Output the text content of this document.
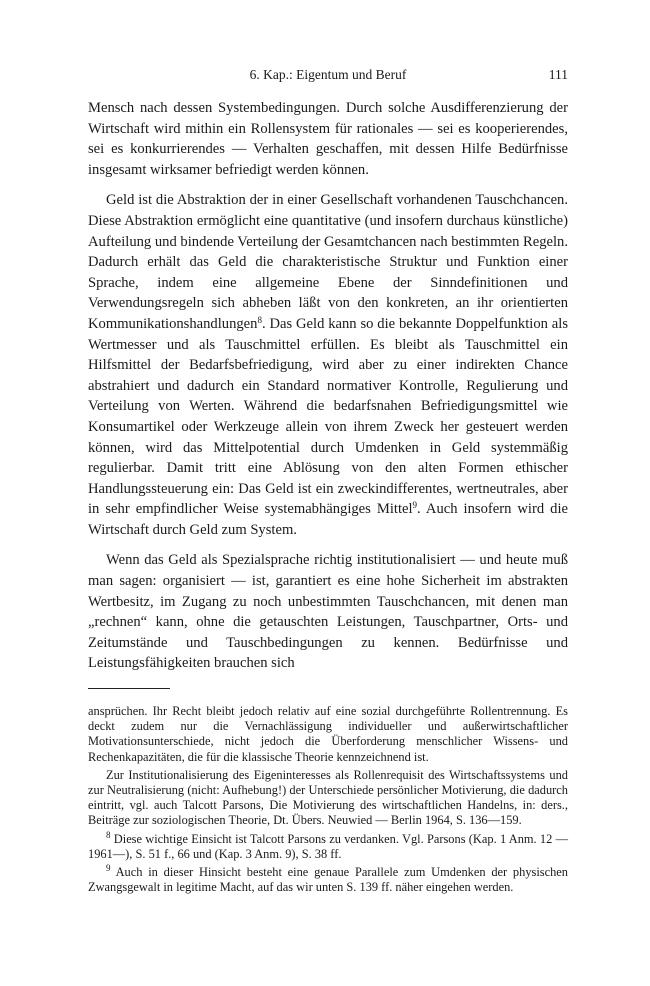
6. Kap.: Eigentum und Beruf	111

Mensch nach dessen Systembedingungen. Durch solche Ausdifferenzierung der Wirtschaft wird mithin ein Rollensystem für rationales — sei es kooperierendes, sei es konkurrierendes — Verhalten geschaffen, mit dessen Hilfe Bedürfnisse insgesamt wirksamer befriedigt werden können.

Geld ist die Abstraktion der in einer Gesellschaft vorhandenen Tauschchancen. Diese Abstraktion ermöglicht eine quantitative (und insofern durchaus künstliche) Aufteilung und bindende Verteilung der Gesamtchancen nach bestimmten Regeln. Dadurch erhält das Geld die charakteristische Struktur und Funktion einer Sprache, indem eine allgemeine Ebene der Sinndefinitionen und Verwendungsregeln sich abheben läßt von den konkreten, an ihr orientierten Kommunikationshandlungen$^8$. Das Geld kann so die bekannte Doppelfunktion als Wertmesser und als Tauschmittel erfüllen. Es bleibt als Tauschmittel ein Hilfsmittel der Bedarfsbefriedigung, wird aber zu einer indirekten Chance abstrahiert und dadurch ein Standard normativer Kontrolle, Regulierung und Verteilung von Werten. Während die bedarfsnahen Befriedigungsmittel wie Konsumartikel oder Werkzeuge allein von ihrem Zweck her gesteuert werden können, wird das Mittelpotential durch Umdenken in Geld systemmäßig regulierbar. Damit tritt eine Ablösung von den alten Formen ethischer Handlungssteuerung ein: Das Geld ist ein zweckindifferentes, wertneutrales, aber in sehr empfindlicher Weise systemabhängiges Mittel$^9$. Auch insofern wird die Wirtschaft durch Geld zum System.

Wenn das Geld als Spezialsprache richtig institutionalisiert — und heute muß man sagen: organisiert — ist, garantiert es eine hohe Sicherheit im abstrakten Wertbesitz, im Zugang zu noch unbestimmten Tauschchancen, mit denen man „rechnen“ kann, ohne die getauschten Leistungen, Tauschpartner, Orts- und Zeitumstände und Tauschbedingungen zu kennen. Bedürfnisse und Leistungsfähigkeiten brauchen sich

ansprüchen. Ihr Recht bleibt jedoch relativ auf eine sozial durchgeführte Rollentrennung. Es deckt zudem nur die Vernachlässigung individueller und außerwirtschaftlicher Motivationsunterschiede, nicht jedoch die Überforderung menschlicher Wissens- und Rechenkapazitäten, die für die klassische Theorie kennzeichnend ist.

Zur Institutionalisierung des Eigeninteresses als Rollenrequisit des Wirtschaftssystems und zur Neutralisierung (nicht: Aufhebung!) der Unterschiede persönlicher Motivierung, die dadurch eintritt, vgl. auch Talcott Parsons, Die Motivierung des wirtschaftlichen Handelns, in: ders., Beiträge zur soziologischen Theorie, Dt. Übers. Neuwied — Berlin 1964, S. 136—159.

$^8$ Diese wichtige Einsicht ist Talcott Parsons zu verdanken. Vgl. Parsons (Kap. 1 Anm. 12 —1961—), S. 51 f., 66 und (Kap. 3 Anm. 9), S. 38 ff.

$^9$ Auch in dieser Hinsicht besteht eine genaue Parallele zum Umdenken der physischen Zwangsgewalt in legitime Macht, auf das wir unten S. 139 ff. näher eingehen werden.
